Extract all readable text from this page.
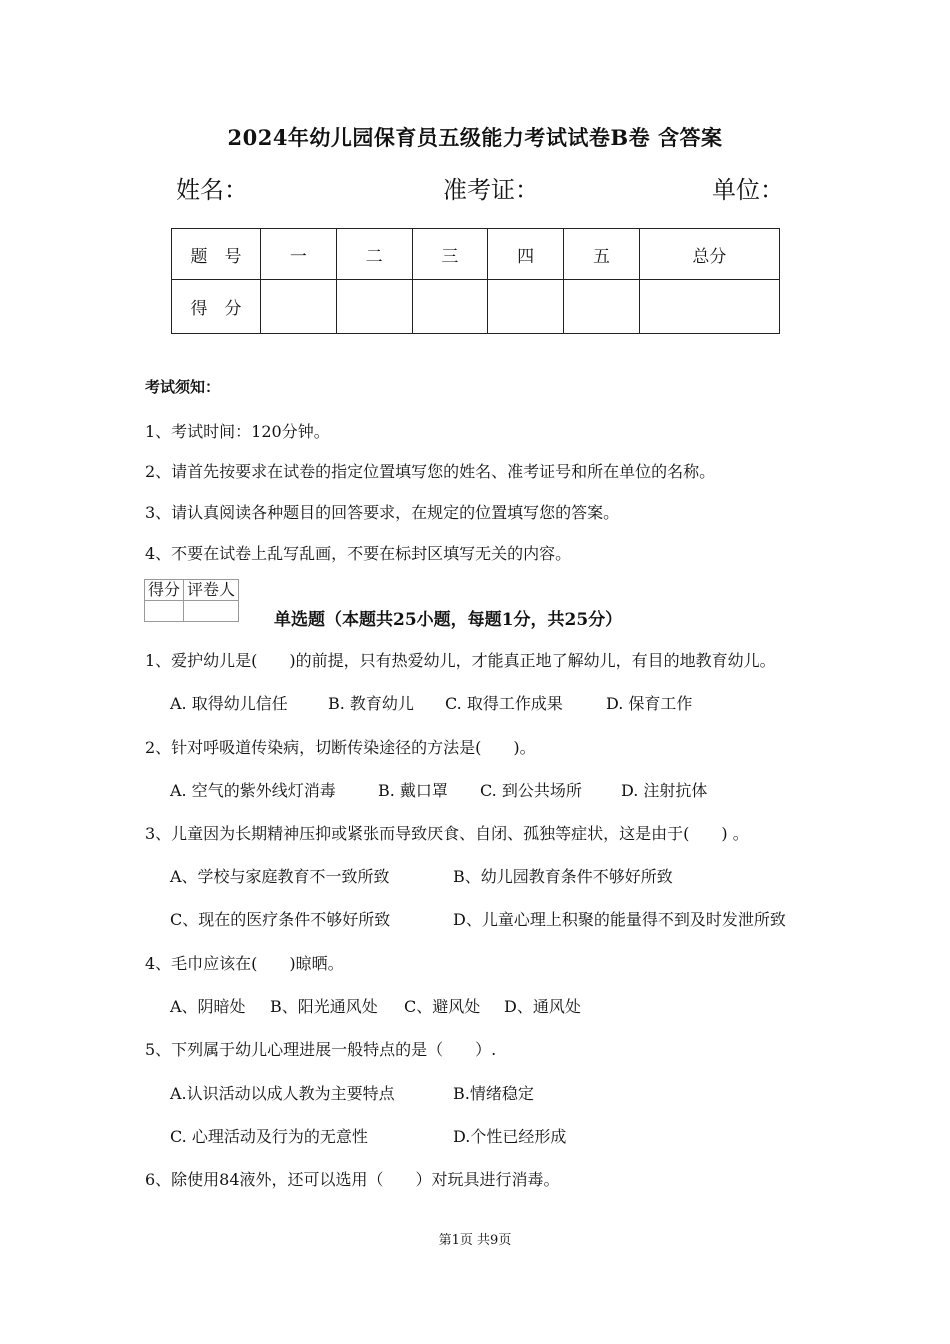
2024年幼儿园保育员五级能力考试试卷B卷 含答案
姓名：	准考证：	单位：
题　号	一	二	三	四	五	总分
得　分						
考试须知：
1、考试时间：120分钟。
2、请首先按要求在试卷的指定位置填写您的姓名、准考证号和所在单位的名称。
3、请认真阅读各种题目的回答要求，在规定的位置填写您的答案。
4、不要在试卷上乱写乱画，不要在标封区填写无关的内容。
得分	评卷人

单选题（本题共25小题，每题1分，共25分）
1、爱护幼儿是(　　)的前提，只有热爱幼儿，才能真正地了解幼儿，有目的地教育幼儿。
A. 取得幼儿信任	B. 教育幼儿 C. 取得工作成果	D. 保育工作
2、针对呼吸道传染病，切断传染途径的方法是(　　)。
A. 空气的紫外线灯消毒	B. 戴口罩 C. 到公共场所 D. 注射抗体
3、儿童因为长期精神压抑或紧张而导致厌食、自闭、孤独等症状，这是由于(　　) 。
A、学校与家庭教育不一致所致	B、幼儿园教育条件不够好所致
C、现在的医疗条件不够好所致	D、儿童心理上积聚的能量得不到及时发泄所致
4、毛巾应该在(　　)晾晒。
A、阴暗处 B、阳光通风处 C、避风处 D、通风处
5、下列属于幼儿心理进展一般特点的是（　　）.
A.认识活动以成人教为主要特点	B.情绪稳定
C. 心理活动及行为的无意性	D.个性已经形成
6、除使用84液外，还可以选用（　　）对玩具进行消毒。
第1页 共9页
